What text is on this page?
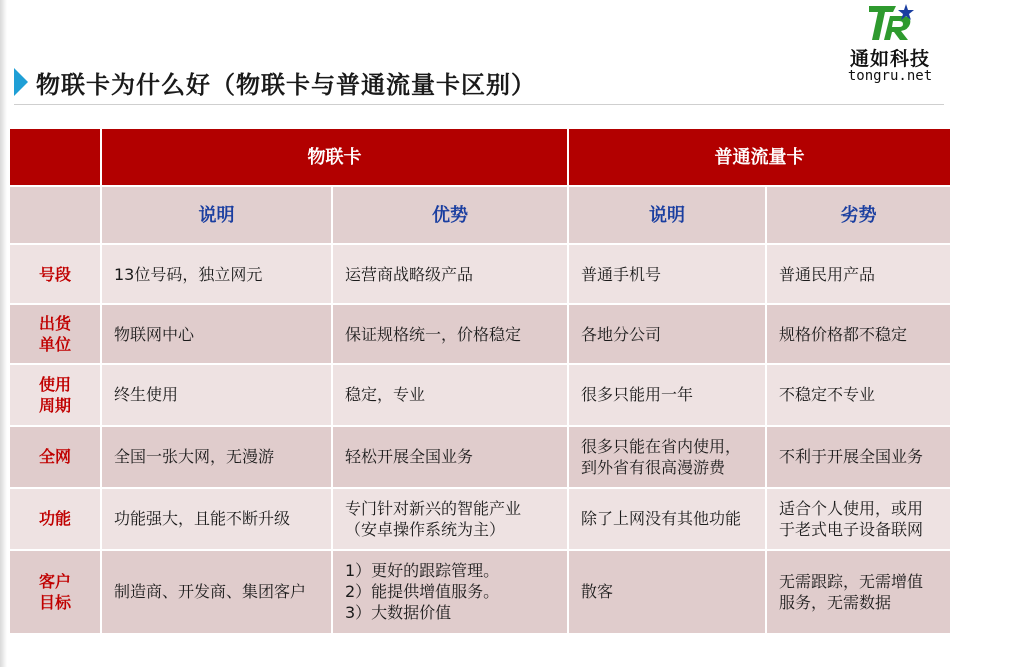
通如科技
tongru.net
物联卡为什么好（物联卡与普通流量卡区别）
	物联卡		普通流量卡	
	说明	优势	说明	劣势

号段	13位号码，独立网元	运营商战略级产品	普通手机号	普通民用产品

出货
单位	物联网中心	保证规格统一，价格稳定	各地分公司	规格价格都不稳定

使用
周期	终生使用	稳定，专业	很多只能用一年	不稳定不专业

全网	全国一张大网，无漫游	轻松开展全国业务	很多只能在省内使用，
到外省有很高漫游费	不利于开展全国业务

功能	功能强大，且能不断升级	专门针对新兴的智能产业
（安卓操作系统为主）	除了上网没有其他功能	适合个人使用，或用
于老式电子设备联网

客户
目标	制造商、开发商、集团客户	1）更好的跟踪管理。
2）能提供增值服务。
3）大数据价值	散客	无需跟踪，无需增值
服务，无需数据
